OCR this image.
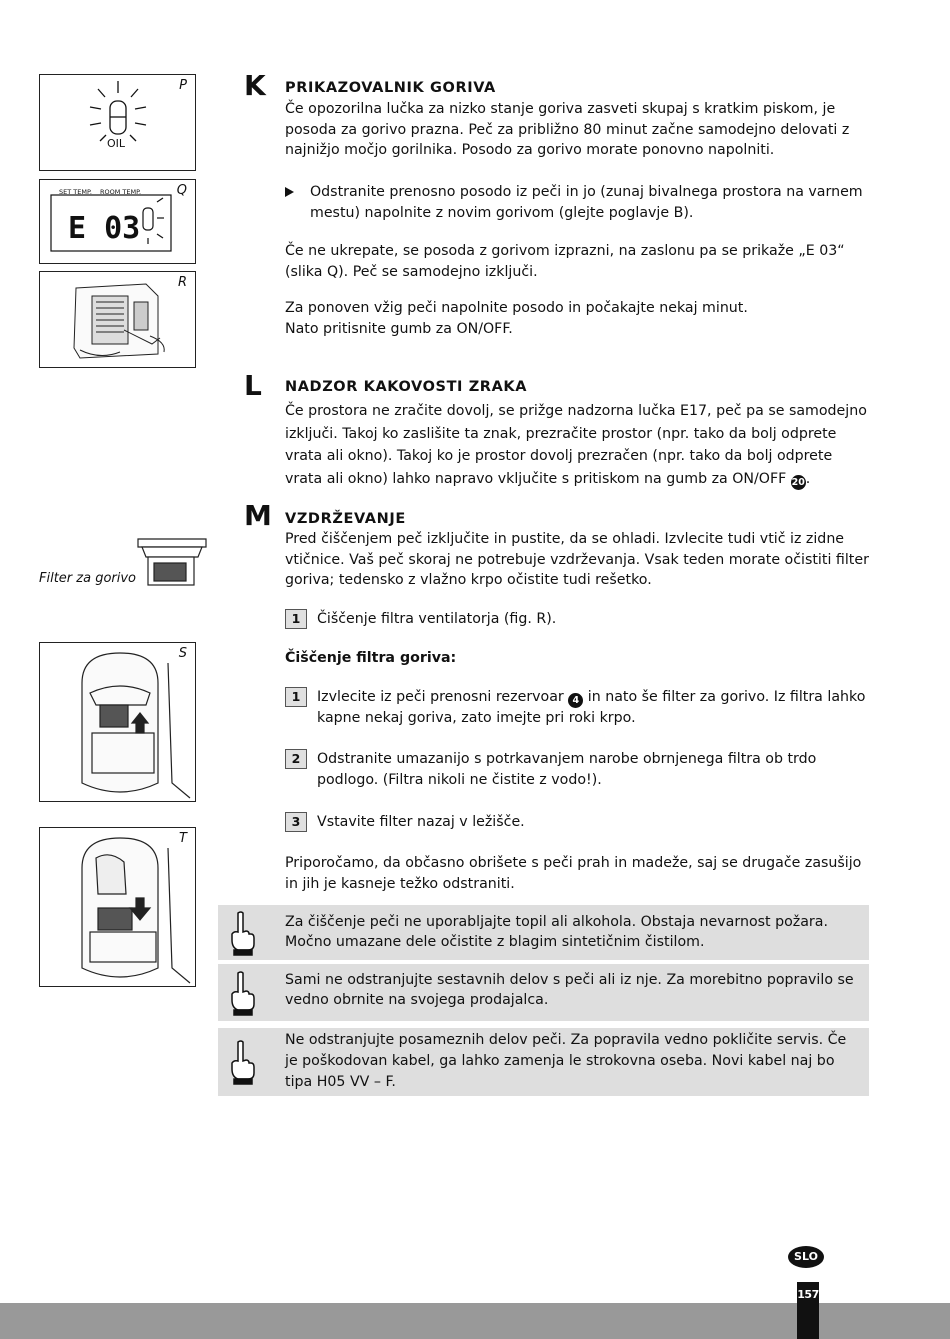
P
OIL
Q
SET TEMP. ROOM TEMP.
E 03
R
Filter za gorivo
S
T
K PRIKAZOVALNIK GORIVA
Če opozorilna lučka za nizko stanje goriva zasveti skupaj s kratkim piskom, je posoda za gorivo prazna. Peč za približno 80 minut začne samodejno delovati z najnižjo močjo gorilnika. Posodo za gorivo morate ponovno napolniti.
Odstranite prenosno posodo iz peči in jo (zunaj bivalnega prostora na varnem mestu) napolnite z novim gorivom (glejte poglavje B).
Če ne ukrepate, se posoda z gorivom izprazni, na zaslonu pa se prikaže „E 03“ (slika Q). Peč se samodejno izklјuči.

Za ponoven vžig peči napolnite posodo in počakajte nekaj minut.

Nato pritisnite gumb za ON/OFF.

L NADZOR KAKOVOSTI ZRAKA
Če prostora ne zračite dovolj, se prižge nadzorna lučka E17, peč pa se samodejno izklјuči. Takoj ko zaslišite ta znak, prezračite prostor (npr. tako da bolj odprete vrata ali okno). Takoj ko je prostor dovolj prezračen (npr. tako da bolj odprete vrata ali okno) lahko napravo vklјučite s pritiskom na gumb za ON/OFF 20.
M VZDRŽEVANJE
Pred čiščenjem peč izklјučite in pustite, da se ohladi. Izvlecite tudi vtič iz zidne vtičnice. Vaš peč skoraj ne potrebuje vzdrževanja. Vsak teden morate očistiti filter goriva; tedensko z vlažno krpo očistite tudi rešetko.
1	Čiščenje filtra ventilatorja (fig. R).
Čiščenje filtra goriva:
1	Izvlecite iz peči prenosni rezervoar 4 in nato še filter za gorivo. Iz filtra lahko kapne nekaj goriva, zato imejte pri roki krpo.
2	Odstranite umazanijo s potrkavanjem narobe obrnjenega filtra ob trdo podlogo. (Filtra nikoli ne čistite z vodo!).
3	Vstavite filter nazaj v ležišče.
Priporočamo, da občasno obrišete s peči prah in madeže, saj se drugače zasušijo in jih je kasneje težko odstraniti.
Za čiščenje peči ne uporabljajte topil ali alkohola. Obstaja nevarnost požara. Močno umazane dele očistite z blagim sintetičnim čistilom.
Sami ne odstranjujte sestavnih delov s peči ali iz nje. Za morebitno popravilo se vedno obrnite na svojega prodajalca.
Ne odstranjujte posameznih delov peči. Za popravila vedno pokličite servis. Če je poškodovan kabel, ga lahko zamenja le strokovna oseba. Novi kabel naj bo tipa H05 VV – F.
SLO
157
